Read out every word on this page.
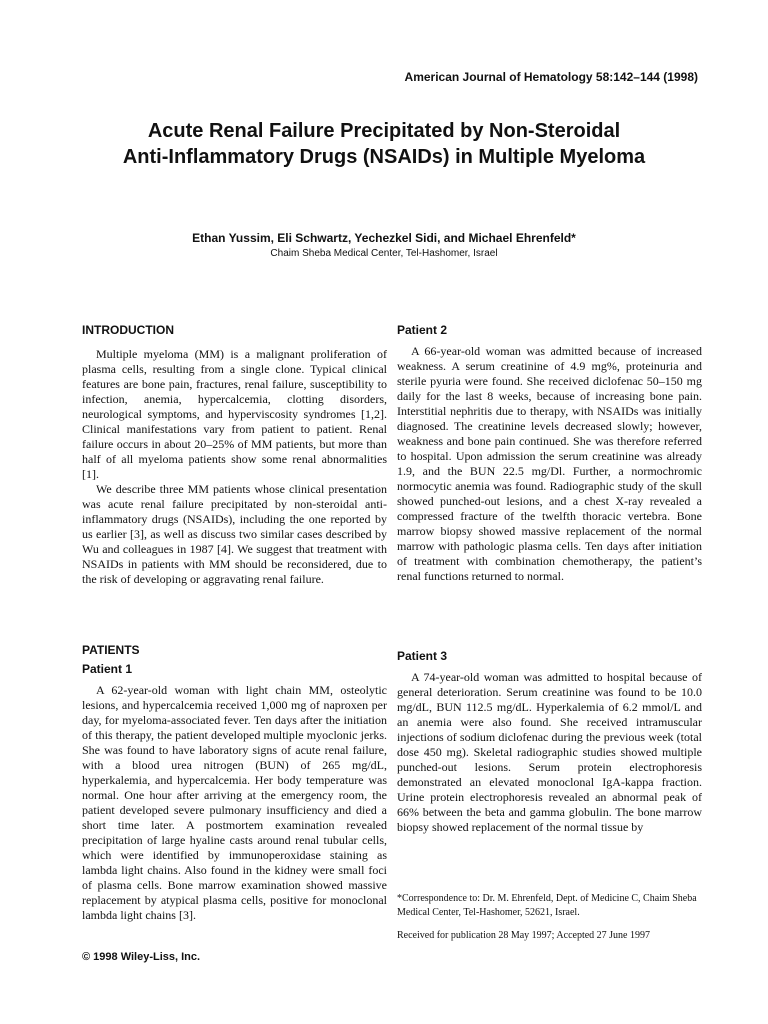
American Journal of Hematology 58:142–144 (1998)
Acute Renal Failure Precipitated by Non-Steroidal
Anti-Inflammatory Drugs (NSAIDs) in Multiple Myeloma
Ethan Yussim, Eli Schwartz, Yechezkel Sidi, and Michael Ehrenfeld*
Chaim Sheba Medical Center, Tel-Hashomer, Israel
INTRODUCTION

Multiple myeloma (MM) is a malignant proliferation of plasma cells, resulting from a single clone. Typical clinical features are bone pain, fractures, renal failure, susceptibility to infection, anemia, hypercalcemia, clotting disorders, neurological symptoms, and hyperviscosity syndromes [1,2]. Clinical manifestations vary from patient to patient. Renal failure occurs in about 20–25% of MM patients, but more than half of all myeloma patients show some renal abnormalities [1].

We describe three MM patients whose clinical presentation was acute renal failure precipitated by non-steroidal anti-inflammatory drugs (NSAIDs), including the one reported by us earlier [3], as well as discuss two similar cases described by Wu and colleagues in 1987 [4]. We suggest that treatment with NSAIDs in patients with MM should be reconsidered, due to the risk of developing or aggravating renal failure.

PATIENTS
Patient 1

A 62-year-old woman with light chain MM, osteolytic lesions, and hypercalcemia received 1,000 mg of naproxen per day, for myeloma-associated fever. Ten days after the initiation of this therapy, the patient developed multiple myoclonic jerks. She was found to have laboratory signs of acute renal failure, with a blood urea nitrogen (BUN) of 265 mg/dL, hyperkalemia, and hypercalcemia. Her body temperature was normal. One hour after arriving at the emergency room, the patient developed severe pulmonary insufficiency and died a short time later. A postmortem examination revealed precipitation of large hyaline casts around renal tubular cells, which were identified by immunoperoxidase staining as lambda light chains. Also found in the kidney were small foci of plasma cells. Bone marrow examination showed massive replacement by atypical plasma cells, positive for monoclonal lambda light chains [3].

© 1998 Wiley-Liss, Inc.
Patient 2

A 66-year-old woman was admitted because of increased weakness. A serum creatinine of 4.9 mg%, proteinuria and sterile pyuria were found. She received diclofenac 50–150 mg daily for the last 8 weeks, because of increasing bone pain. Interstitial nephritis due to therapy, with NSAIDs was initially diagnosed. The creatinine levels decreased slowly; however, weakness and bone pain continued. She was therefore referred to hospital. Upon admission the serum creatinine was already 1.9, and the BUN 22.5 mg/Dl. Further, a normochromic normocytic anemia was found. Radiographic study of the skull showed punched-out lesions, and a chest X-ray revealed a compressed fracture of the twelfth thoracic vertebra. Bone marrow biopsy showed massive replacement of the normal marrow with pathologic plasma cells. Ten days after initiation of treatment with combination chemotherapy, the patient’s renal functions returned to normal.

Patient 3

A 74-year-old woman was admitted to hospital because of general deterioration. Serum creatinine was found to be 10.0 mg/dL, BUN 112.5 mg/dL. Hyperkalemia of 6.2 mmol/L and an anemia were also found. She received intramuscular injections of sodium diclofenac during the previous week (total dose 450 mg). Skeletal radiographic studies showed multiple punched-out lesions. Serum protein electrophoresis demonstrated an elevated monoclonal IgA-kappa fraction. Urine protein electrophoresis revealed an abnormal peak of 66% between the beta and gamma globulin. The bone marrow biopsy showed replacement of the normal tissue by

*Correspondence to: Dr. M. Ehrenfeld, Dept. of Medicine C, Chaim Sheba Medical Center, Tel-Hashomer, 52621, Israel.

Received for publication 28 May 1997; Accepted 27 June 1997
